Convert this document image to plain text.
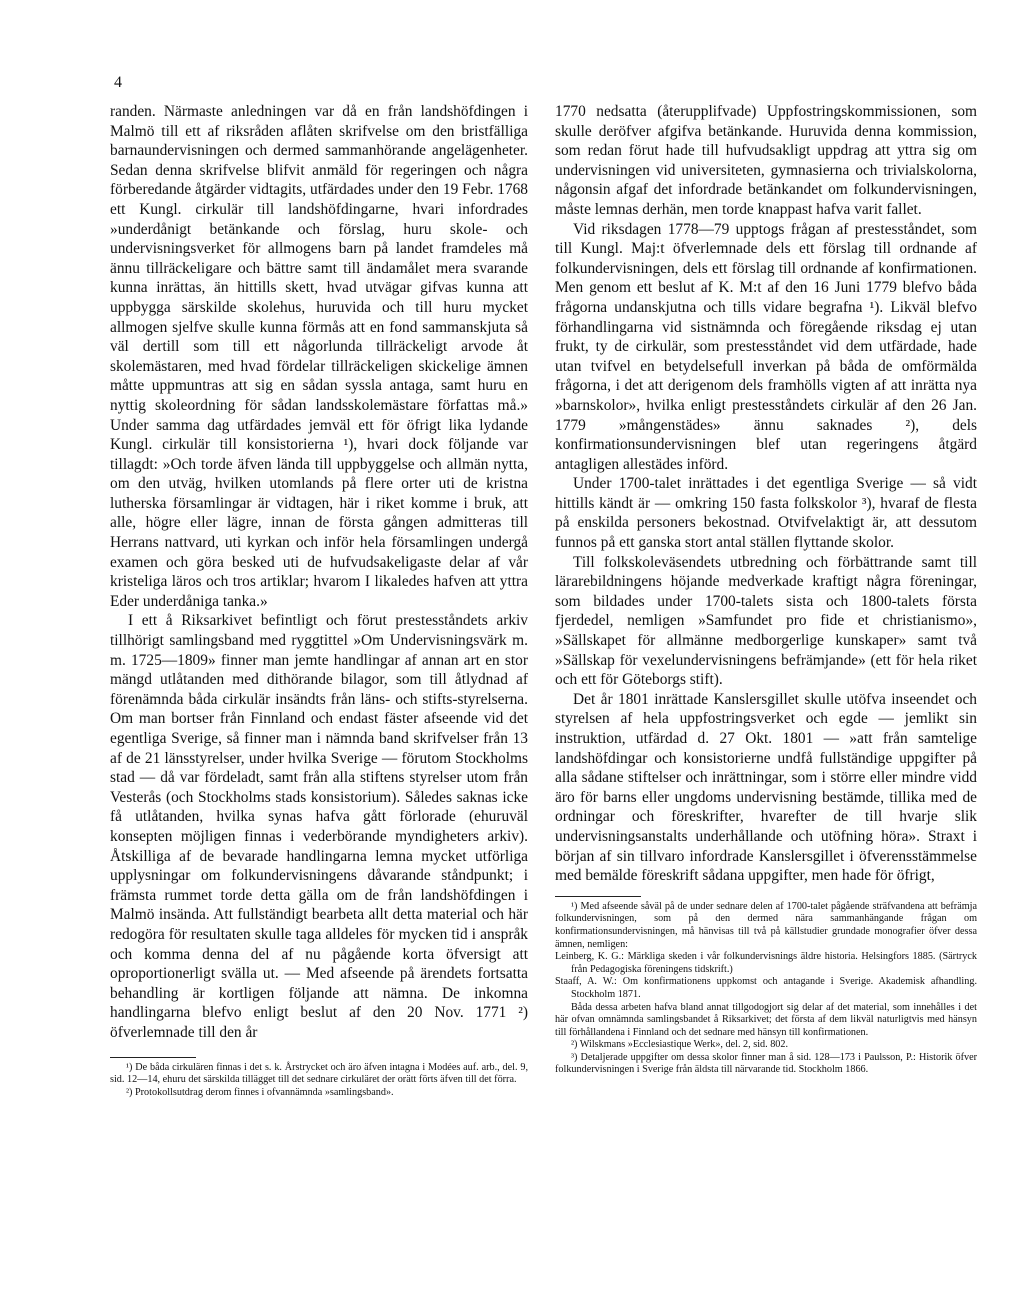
4

randen. Närmaste anledningen var då en från landshöfdingen i Malmö till ett af riksråden aflåten skrifvelse om den bristfälliga barnaundervisningen och dermed sammanhörande angelägenheter. Sedan denna skrifvelse blifvit anmäld för regeringen och några förberedande åtgärder vidtagits, utfärdades under den 19 Febr. 1768 ett Kungl. cirkulär till landshöfdingarne, hvari infordrades »underdånigt betänkande och förslag, huru skole- och undervisningsverket för allmogens barn på landet framdeles må ännu tillräckeligare och bättre samt till ändamålet mera svarande kunna inrättas, än hittills skett, hvad utvägar gifvas kunna att uppbygga särskilde skolehus, huruvida och till huru mycket allmogen sjelfve skulle kunna förmås att en fond sammanskjuta så väl dertill som till ett någorlunda tillräckeligt arvode åt skolemästaren, med hvad fördelar tillräckeligen skickelige ämnen måtte uppmuntras att sig en sådan syssla antaga, samt huru en nyttig skoleordning för sådan landsskolemästare författas må.» Under samma dag utfärdades jemväl ett för öfrigt lika lydande Kungl. cirkulär till konsistorierna ¹), hvari dock följande var tillagdt: »Och torde äfven lända till uppbyggelse och allmän nytta, om den utväg, hvilken utomlands på flere orter uti de kristna lutherska församlingar är vidtagen, här i riket komme i bruk, att alle, högre eller lägre, innan de första gången admitteras till Herrans nattvard, uti kyrkan och inför hela församlingen undergå examen och göra besked uti de hufvudsakeligaste delar af vår kristeliga läros och tros artiklar; hvarom I likaledes hafven att yttra Eder underdåniga tanka.»

I ett å Riksarkivet befintligt och förut prestesståndets arkiv tillhörigt samlingsband med ryggtittel »Om Undervisningsvärk m. m. 1725—1809» finner man jemte handlingar af annan art en stor mängd utlåtanden med dithörande bilagor, som till åtlydnad af förenämnda båda cirkulär insändts från läns- och stifts-styrelserna. Om man bortser från Finnland och endast fäster afseende vid det egentliga Sverige, så finner man i nämnda band skrifvelser från 13 af de 21 länsstyrelser, under hvilka Sverige — förutom Stockholms stad — då var fördeladt, samt från alla stiftens styrelser utom från Vesterås (och Stockholms stads konsistorium). Således saknas icke få utlåtanden, hvilka synas hafva gått förlorade (ehuruväl konsepten möjligen finnas i vederbörande myndigheters arkiv). Åtskilliga af de bevarade handlingarna lemna mycket utförliga upplysningar om folkundervisningens dåvarande ståndpunkt; i främsta rummet torde detta gälla om de från landshöfdingen i Malmö insända. Att fullständigt bearbeta allt detta material och här redogöra för resultaten skulle taga alldeles för mycken tid i anspråk och komma denna del af nu pågående korta öfversigt att oproportionerligt svälla ut. — Med afseende på ärendets fortsatta behandling är kortligen följande att nämna. De inkomna handlingarna blefvo enligt beslut af den 20 Nov. 1771 ²) öfverlemnade till den år

¹) De båda cirkulären finnas i det s. k. Årstrycket och äro äfven intagna i Modées auf. arb., del. 9, sid. 12—14, ehuru det särskilda tillägget till det sednare cirkuläret der orätt förts äfven till det förra.

²) Protokollsutdrag derom finnes i ofvannämnda »samlingsband».

1770 nedsatta (återupplifvade) Uppfostringskommissionen, som skulle deröfver afgifva betänkande. Huruvida denna kommission, som redan förut hade till hufvudsakligt uppdrag att yttra sig om undervisningen vid universiteten, gymnasierna och trivialskolorna, någonsin afgaf det infordrade betänkandet om folkundervisningen, måste lemnas derhän, men torde knappast hafva varit fallet.

Vid riksdagen 1778—79 upptogs frågan af prestesståndet, som till Kungl. Maj:t öfverlemnade dels ett förslag till ordnande af folkundervisningen, dels ett förslag till ordnande af konfirmationen. Men genom ett beslut af K. M:t af den 16 Juni 1779 blefvo båda frågorna undanskjutna och tills vidare begrafna ¹). Likväl blefvo förhandlingarna vid sistnämnda och föregående riksdag ej utan frukt, ty de cirkulär, som prestesståndet vid dem utfärdade, hade utan tvifvel en betydelsefull inverkan på båda de omförmälda frågorna, i det att derigenom dels framhölls vigten af att inrätta nya »barnskolor», hvilka enligt prestesståndets cirkulär af den 26 Jan. 1779 »mångenstädes» ännu saknades ²), dels konfirmationsundervisningen blef utan regeringens åtgärd antagligen allestädes införd.

Under 1700-talet inrättades i det egentliga Sverige — så vidt hittills kändt är — omkring 150 fasta folkskolor ³), hvaraf de flesta på enskilda personers bekostnad. Otvifvelaktigt är, att dessutom funnos på ett ganska stort antal ställen flyttande skolor.

Till folkskoleväsendets utbredning och förbättrande samt till lärarebildningens höjande medverkade kraftigt några föreningar, som bildades under 1700-talets sista och 1800-talets första fjerdedel, nemligen »Samfundet pro fide et christianismo», »Sällskapet för allmänne medborgerlige kunskaper» samt två »Sällskap för vexelundervisningens befrämjande» (ett för hela riket och ett för Göteborgs stift).

Det år 1801 inrättade Kanslersgillet skulle utöfva inseendet och styrelsen af hela uppfostringsverket och egde — jemlikt sin instruktion, utfärdad d. 27 Okt. 1801 — »att från samtelige landshöfdingar och konsistorierne undfå fullständige uppgifter på alla sådane stiftelser och inrättningar, som i större eller mindre vidd äro för barns eller ungdoms undervisning bestämde, tillika med de ordningar och föreskrifter, hvarefter de till hvarje slik undervisningsanstalts underhållande och utöfning höra». Straxt i början af sin tillvaro infordrade Kanslersgillet i öfverensstämmelse med bemälde föreskrift sådana uppgifter, men hade för öfrigt,

¹) Med afseende såväl på de under sednare delen af 1700-talet pågående sträfvandena att befrämja folkundervisningen, som på den dermed nära sammanhängande frågan om konfirmationsundervisningen, må hänvisas till två på källstudier grundade monografier öfver dessa ämnen, nemligen:

Leinberg, K. G.: Märkliga skeden i vår folkundervisnings äldre historia. Helsingfors 1885. (Särtryck från Pedagogiska föreningens tidskrift.)

Staaff, A. W.: Om konfirmationens uppkomst och antagande i Sverige. Akademisk afhandling. Stockholm 1871.

Båda dessa arbeten hafva bland annat tillgodogjort sig delar af det material, som innehålles i det här ofvan omnämnda samlingsbandet å Riksarkivet; det första af dem likväl naturligtvis med hänsyn till förhållandena i Finnland och det sednare med hänsyn till konfirmationen.

²) Wilskmans »Ecclesiastique Werk», del. 2, sid. 802.

³) Detaljerade uppgifter om dessa skolor finner man å sid. 128—173 i Paulsson, P.: Historik öfver folkundervisningen i Sverige från äldsta till närvarande tid. Stockholm 1866.
